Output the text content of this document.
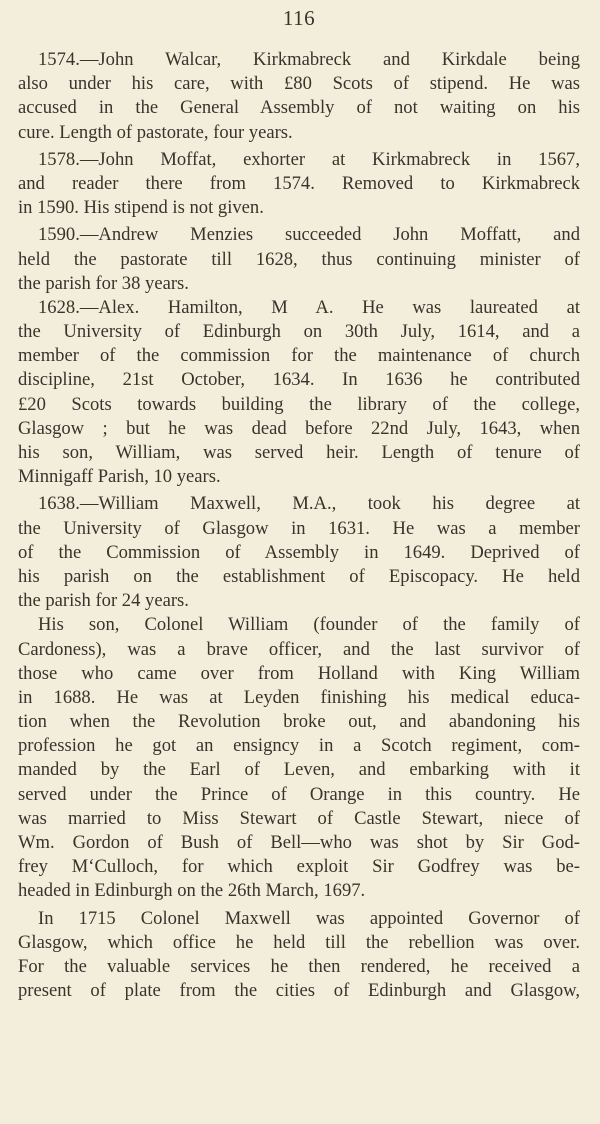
116
1574.—John Walcar, Kirkmabreck and Kirkdale being
also under his care, with £80 Scots of stipend. He was
accused in the General Assembly of not waiting on his
cure. Length of pastorate, four years.
1578.—John Moffat, exhorter at Kirkmabreck in 1567,
and reader there from 1574. Removed to Kirkmabreck
in 1590. His stipend is not given.
1590.—Andrew Menzies succeeded John Moffatt, and
held the pastorate till 1628, thus continuing minister of
the parish for 38 years.
1628.—Alex. Hamilton, M A. He was laureated at
the University of Edinburgh on 30th July, 1614, and a
member of the commission for the maintenance of church
discipline, 21st October, 1634. In 1636 he contributed
£20 Scots towards building the library of the college,
Glasgow ; but he was dead before 22nd July, 1643, when
his son, William, was served heir. Length of tenure of
Minnigaff Parish, 10 years.
1638.—William Maxwell, M.A., took his degree at
the University of Glasgow in 1631. He was a member
of the Commission of Assembly in 1649. Deprived of
his parish on the establishment of Episcopacy. He held
the parish for 24 years.
His son, Colonel William (founder of the family of
Cardoness), was a brave officer, and the last survivor of
those who came over from Holland with King William
in 1688. He was at Leyden finishing his medical educa-
tion when the Revolution broke out, and abandoning his
profession he got an ensigncy in a Scotch regiment, com-
manded by the Earl of Leven, and embarking with it
served under the Prince of Orange in this country. He
was married to Miss Stewart of Castle Stewart, niece of
Wm. Gordon of Bush of Bell—who was shot by Sir God-
frey M‘Culloch, for which exploit Sir Godfrey was be-
headed in Edinburgh on the 26th March, 1697.
In 1715 Colonel Maxwell was appointed Governor of
Glasgow, which office he held till the rebellion was over.
For the valuable services he then rendered, he received a
present of plate from the cities of Edinburgh and Glasgow,
